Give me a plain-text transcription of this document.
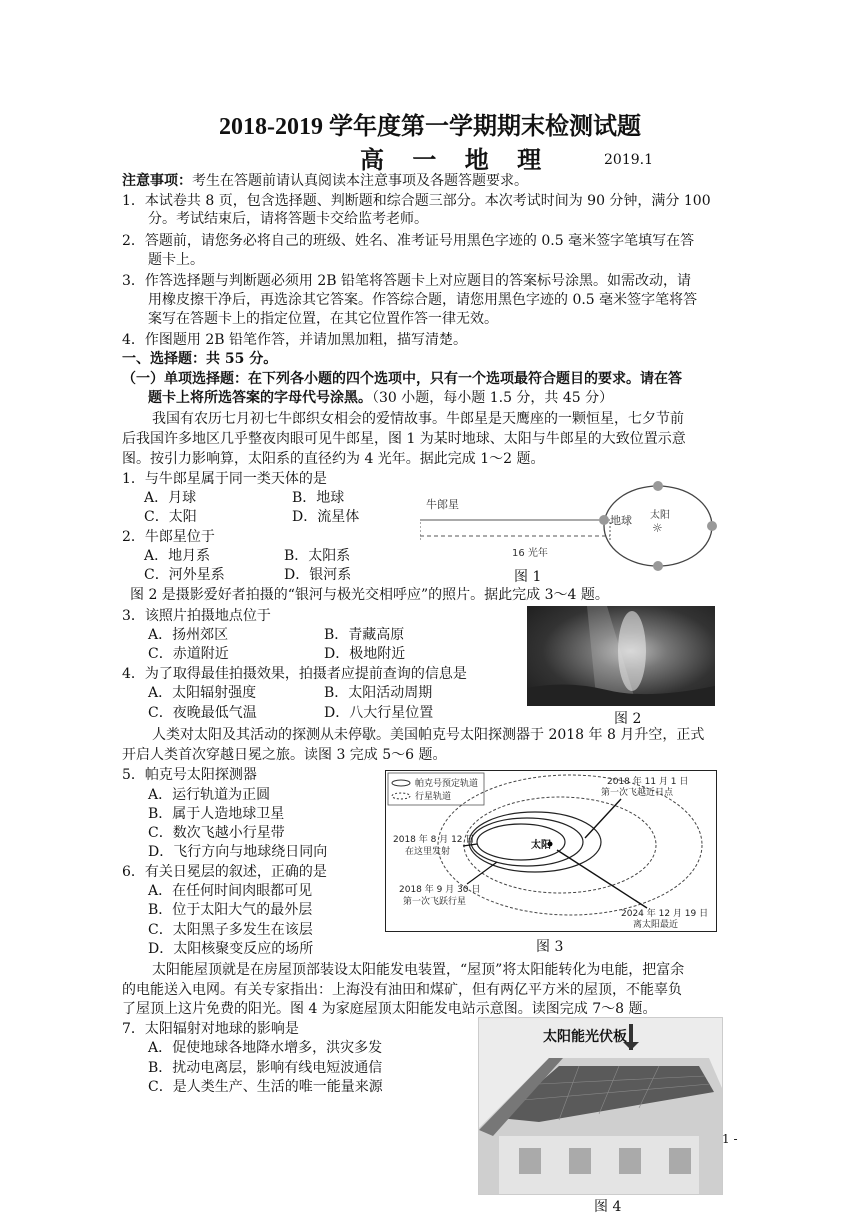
2018-2019 学年度第一学期期末检测试题
高 一 地 理	2019.1
注意事项：考生在答题前请认真阅读本注意事项及各题答题要求。
1．本试卷共 8 页，包含选择题、判断题和综合题三部分。本次考试时间为 90 分钟，满分 100
分。考试结束后，请将答题卡交给监考老师。
2．答题前，请您务必将自己的班级、姓名、准考证号用黑色字迹的 0.5 毫米签字笔填写在答
题卡上。
3．作答选择题与判断题必须用 2B 铅笔将答题卡上对应题目的答案标号涂黑。如需改动，请
用橡皮擦干净后，再选涂其它答案。作答综合题，请您用黑色字迹的 0.5 毫米签字笔将答
案写在答题卡上的指定位置，在其它位置作答一律无效。
4．作图题用 2B 铅笔作答，并请加黑加粗，描写清楚。
一、选择题：共 55 分。
（一）单项选择题：在下列各小题的四个选项中，只有一个选项最符合题目的要求。请在答
题卡上将所选答案的字母代号涂黑。（30 小题，每小题 1.5 分，共 45 分）
我国有农历七月初七牛郎织女相会的爱情故事。牛郎星是天鹰座的一颗恒星，七夕节前
后我国许多地区几乎整夜肉眼可见牛郎星，图 1 为某时地球、太阳与牛郎星的大致位置示意
图。按引力影响算，太阳系的直径约为 4 光年。据此完成 1～2 题。
1．与牛郎星属于同一类天体的是
A．月球	B．地球
C．太阳	D．流星体
2．牛郎星位于
A．地月系	B．太阳系
C．河外星系	D．银河系
牛郎星
16 光年
地球 太阳
☼
图 1
图 2 是摄影爱好者拍摄的“银河与极光交相呼应”的照片。据此完成 3～4 题。
3．该照片拍摄地点位于
A．扬州郊区	B．青藏高原
C．赤道附近	D．极地附近
4．为了取得最佳拍摄效果，拍摄者应提前查询的信息是
A．太阳辐射强度	B．太阳活动周期
C．夜晚最低气温	D．八大行星位置	图 2
人类对太阳及其活动的探测从未停歇。美国帕克号太阳探测器于 2018 年 8 月升空，正式
开启人类首次穿越日冕之旅。读图 3 完成 5～6 题。
5．帕克号太阳探测器
A．运行轨道为正圆
B．属于人造地球卫星
C．数次飞越小行星带
D．飞行方向与地球绕日同向
6．有关日冕层的叙述，正确的是
A．在任何时间肉眼都可见
B．位于太阳大气的最外层
C．太阳黑子多发生在该层
D．太阳核聚变反应的场所
帕克号预定轨道
行星轨道
太阳
2018 年 11 月 1 日
第一次飞越近日点
2018 年 8 月 12 日
在这里发射
2018 年 9 月 30 日
第一次飞跃行星
2024 年 12 月 19 日
离太阳最近
图 3
太阳能屋顶就是在房屋顶部装设太阳能发电装置，“屋顶”将太阳能转化为电能，把富余
的电能送入电网。有关专家指出：上海没有油田和煤矿，但有两亿平方米的屋顶，不能辜负
了屋顶上这片免费的阳光。图 4 为家庭屋顶太阳能发电站示意图。读图完成 7～8 题。
7．太阳辐射对地球的影响是
A．促使地球各地降水增多，洪灾多发
B．扰动电离层，影响有线电短波通信
C．是人类生产、生活的唯一能量来源
太阳能光伏板
图 4
1 -
